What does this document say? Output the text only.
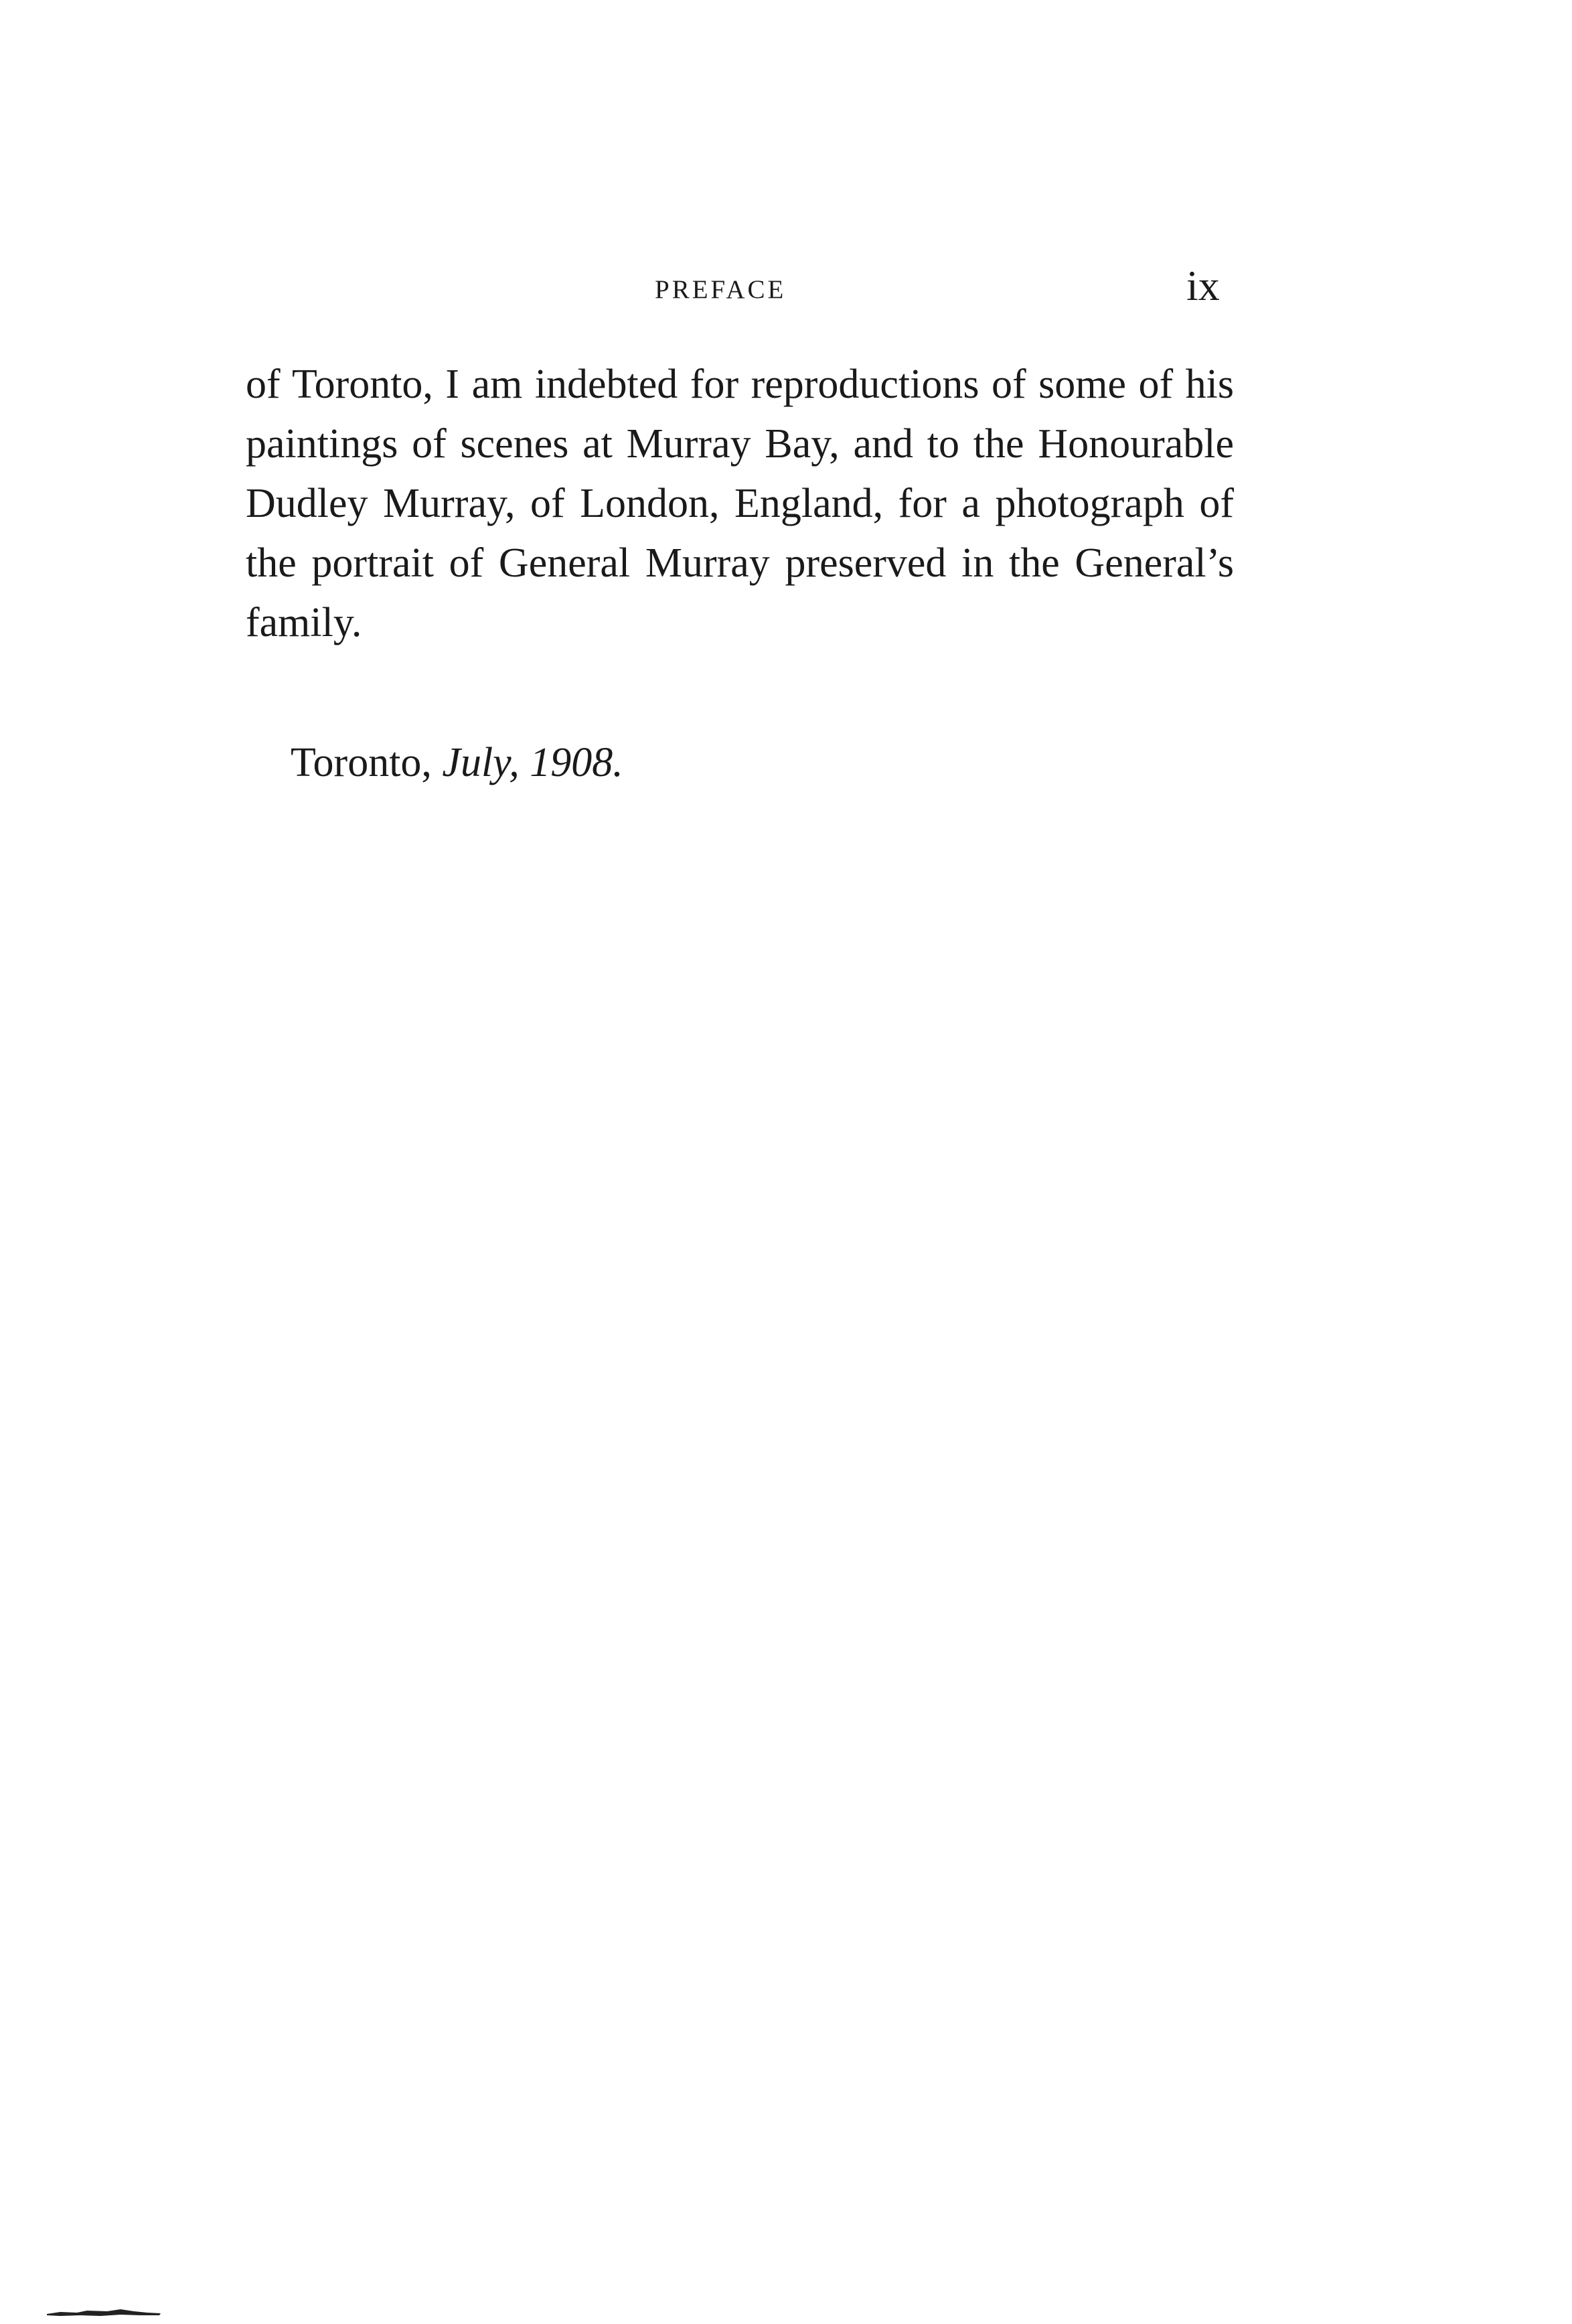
PREFACE	ix

of Toronto, I am indebted for reproductions of some of his paintings of scenes at Murray Bay, and to the Honourable Dudley Murray, of London, England, for a photograph of the portrait of General Murray preserved in the General’s family.

Toronto, July, 1908.
